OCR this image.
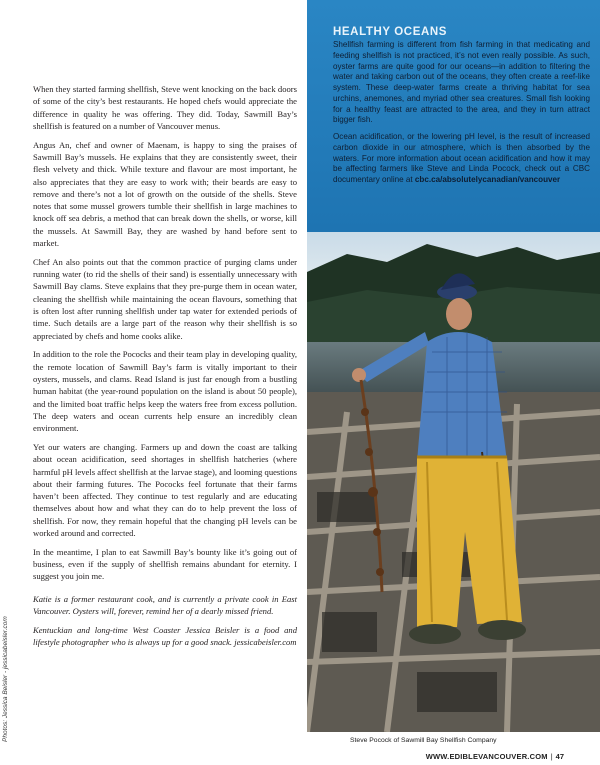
Photos: Jessica Beisler - jessicabeisler.com

When they started farming shellfish, Steve went knocking on the back doors of some of the city’s best restaurants. He hoped chefs would appreciate the difference in quality he was offering. They did. Today, Sawmill Bay’s shellfish is featured on a number of Vancouver menus.

Angus An, chef and owner of Maenam, is happy to sing the praises of Sawmill Bay’s mussels. He explains that they are consistently sweet, their flesh velvety and thick. While texture and flavour are most important, he also appreciates that they are easy to work with; their beards are easy to remove and there’s not a lot of growth on the outside of the shells. Steve notes that some mussel growers tumble their shellfish in large machines to knock off sea debris, a method that can break down the shells, or worse, kill the mussels. At Sawmill Bay, they are washed by hand before sent to market.

Chef An also points out that the common practice of purging clams under running water (to rid the shells of their sand) is essentially unnecessary with Sawmill Bay clams. Steve explains that they pre-purge them in ocean water, cleaning the shellfish while maintaining the ocean flavours, something that is often lost after running shellfish under tap water for extended periods of time. Such details are a large part of the reason why their shellfish is so appreciated by chefs and home cooks alike.

In addition to the role the Pococks and their team play in developing quality, the remote location of Sawmill Bay’s farm is vitally important to their oysters, mussels, and clams. Read Island is just far enough from a bustling human habitat (the year-round population on the island is about 50 people), and the limited boat traffic helps keep the waters free from excess pollution. The deep waters and ocean currents help ensure an incredibly clean environment.

Yet our waters are changing. Farmers up and down the coast are talking about ocean acidification, seed shortages in shellfish hatcheries (where harmful pH levels affect shellfish at the larvae stage), and looming questions about their farming futures. The Pococks feel fortunate that their farms haven’t been affected. They continue to test regularly and are educating themselves about how and what they can do to help prevent the loss of shellfish. For now, they remain hopeful that the changing pH levels can be worked around and corrected.

In the meantime, I plan to eat Sawmill Bay’s bounty like it’s going out of business, even if the supply of shellfish remains abundant for eternity. I suggest you join me.

Katie is a former restaurant cook, and is currently a private cook in East Vancouver. Oysters will, forever, remind her of a dearly missed friend.

Kentuckian and long-time West Coaster Jessica Beisler is a food and lifestyle photographer who is always up for a good snack. jessicabeisler.com

HEALTHY OCEANS

Shellfish farming is different from fish farming in that medicating and feeding shellfish is not practiced, it’s not even really possible. As such, oyster farms are quite good for our oceans—in addition to filtering the water and taking carbon out of the oceans, they often create a reef-like system. These deep-water farms create a thriving habitat for sea urchins, anemones, and myriad other sea creatures. Small fish looking for a healthy feast are attracted to the area, and they in turn attract bigger fish.

Ocean acidification, or the lowering pH level, is the result of increased carbon dioxide in our atmosphere, which is then absorbed by the waters. For more information about ocean acidification and how it may be affecting farmers like Steve and Linda Pocock, check out a CBC documentary online at cbc.ca/absolutelycanadian/vancouver

Steve Pocock of Sawmill Bay Shellfish Company
WWW.EDIBLEVANCOUVER.COM | 47
